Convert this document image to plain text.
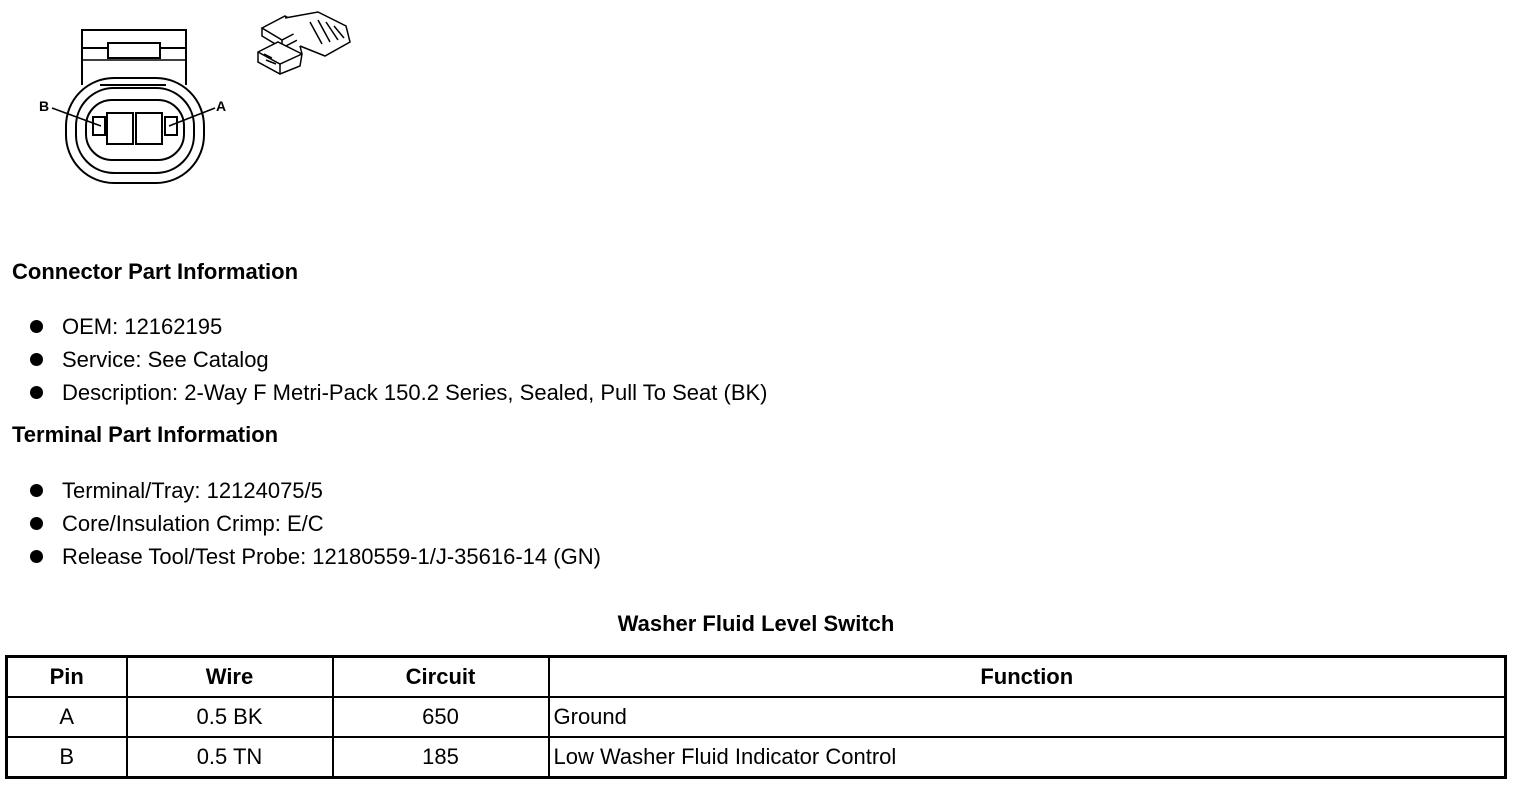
B	A
Connector Part Information
OEM: 12162195
Service: See Catalog
Description: 2-Way F Metri-Pack 150.2 Series, Sealed, Pull To Seat (BK)
Terminal Part Information
Terminal/Tray: 12124075/5
Core/Insulation Crimp: E/C
Release Tool/Test Probe: 12180559-1/J-35616-14 (GN)
Washer Fluid Level Switch
Pin	Wire	Circuit	Function
A	0.5 BK	650	Ground
B	0.5 TN	185	Low Washer Fluid Indicator Control
